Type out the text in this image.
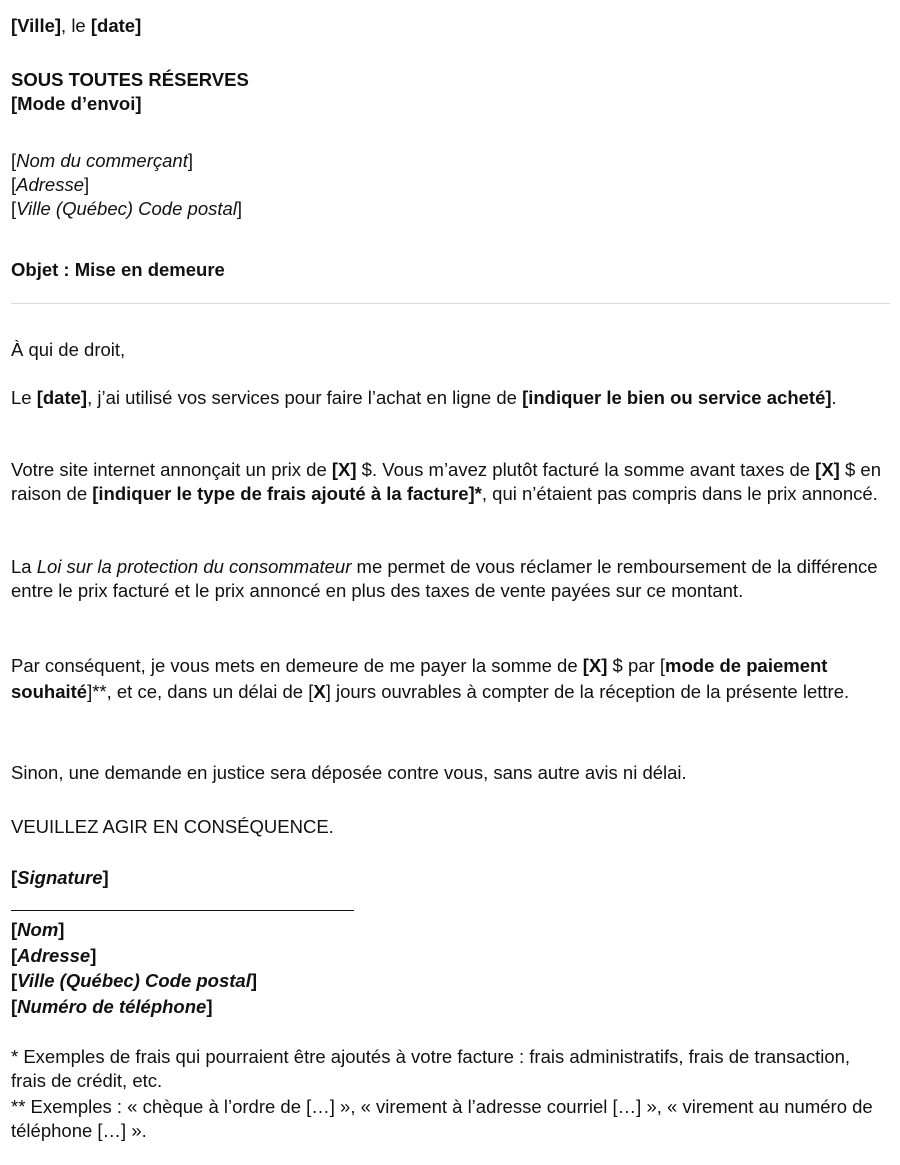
[Ville], le [date]

SOUS TOUTES RÉSERVES
[Mode d’envoi]

[Nom du commerçant]
[Adresse]
[Ville (Québec) Code postal]

Objet : Mise en demeure

À qui de droit,

Le [date], j’ai utilisé vos services pour faire l’achat en ligne de [indiquer le bien ou service acheté].

Votre site internet annonçait un prix de [X] $. Vous m’avez plutôt facturé la somme avant taxes de [X] $ en raison de [indiquer le type de frais ajouté à la facture]*, qui n’étaient pas compris dans le prix annoncé.

La Loi sur la protection du consommateur me permet de vous réclamer le remboursement de la différence entre le prix facturé et le prix annoncé en plus des taxes de vente payées sur ce montant.

Par conséquent, je vous mets en demeure de me payer la somme de [X] $ par [mode de paiement souhaité]**, et ce, dans un délai de [X] jours ouvrables à compter de la réception de la présente lettre.

Sinon, une demande en justice sera déposée contre vous, sans autre avis ni délai.

VEUILLEZ AGIR EN CONSÉQUENCE.

[Signature]

[Nom]
[Adresse]
[Ville (Québec) Code postal]
[Numéro de téléphone]

* Exemples de frais qui pourraient être ajoutés à votre facture : frais administratifs, frais de transaction, frais de crédit, etc.

** Exemples : « chèque à l’ordre de […] », « virement à l’adresse courriel […] », « virement au numéro de téléphone […] ».
